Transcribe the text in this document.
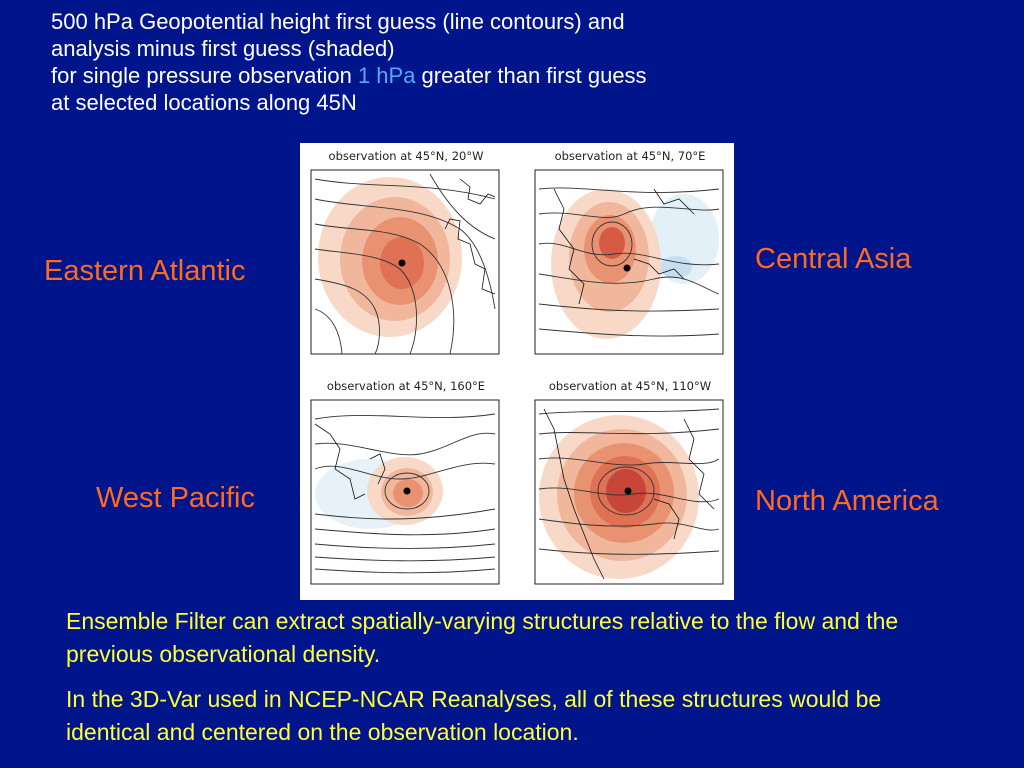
500 hPa Geopotential height first guess (line contours) and
analysis minus first guess (shaded)
for single pressure observation 1 hPa greater than first guess
at selected locations along 45N
Eastern Atlantic	Central Asia
West Pacific	North America
observation at 45°N, 20°W	observation at 45°N, 70°E
observation at 45°N, 160°E	observation at 45°N, 110°W
Ensemble Filter can extract spatially-varying structures relative to the flow and the previous observational density.
In the 3D-Var used in NCEP-NCAR Reanalyses, all of these structures would be identical and centered on the observation location.
